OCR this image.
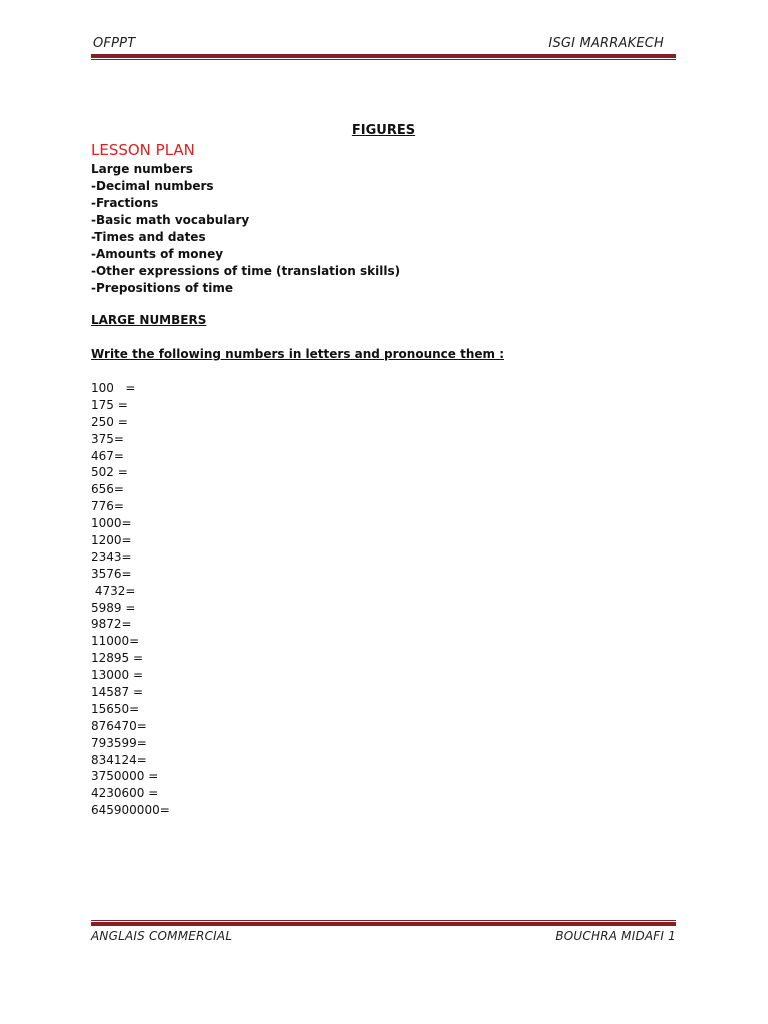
OFPPT	ISGI MARRAKECH
FIGURES
LESSON PLAN
Large numbers
-Decimal numbers
-Fractions
-Basic math vocabulary
-Times and dates
-Amounts of money
-Other expressions of time (translation skills)
-Prepositions of time
LARGE NUMBERS
Write the following numbers in letters and pronounce them :
100   =
175 =
250 =
375=
467=
502 =
656=
776=
1000=
1200=
2343=
3576=
4732=
5989 =
9872=
11000=
12895 =
13000 =
14587 =
15650=
876470=
793599=
834124=
3750000 =
4230600 =
645900000=
ANGLAIS COMMERCIAL	BOUCHRA MIDAFI 1
